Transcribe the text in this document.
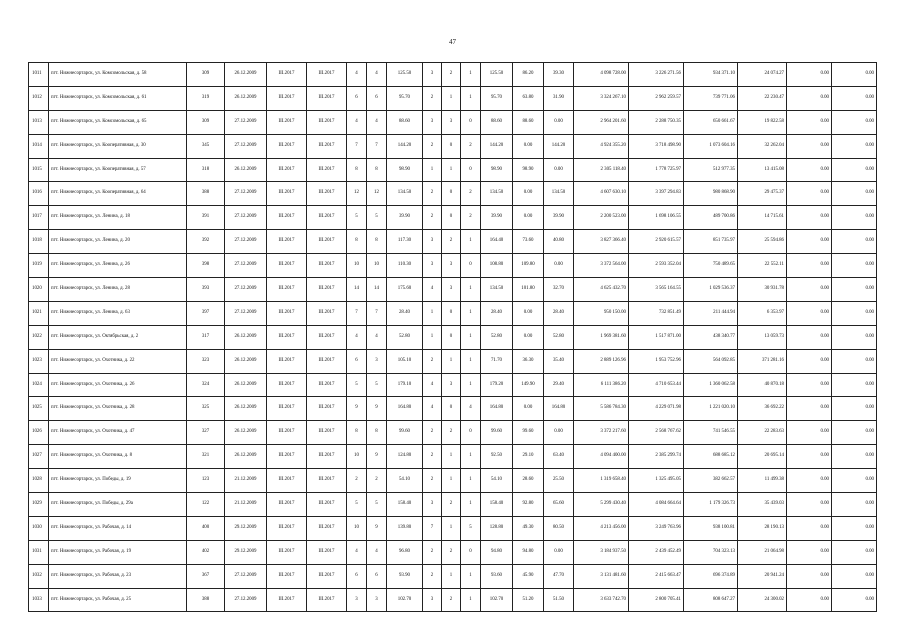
47
1011	пгт. Нижнесортарск, ул. Комсомольская, д. 58	309	26.12.2009	III.2017	III.2017	4	4	125.50	3	2	1	125.50	86.20	39.30	4 098 728.00	3 226 271.56	934 371.10	24 074.27	0.00	0.00
1012	пгт. Нижнесортарск, ул. Комсомольская, д. 61	319	26.12.2009	III.2017	III.2017	6	6	95.70	2	1	1	95.70	63.80	31.90	3 324 267.10	2 962 259.57	739 771.06	22 230.47	0.00	0.00
1013	пгт. Нижнесортарск, ул. Комсомольская, д. 65	309	27.12.2009	III.2017	III.2017	4	4	88.60	3	3	0	88.60	88.60	0.00	2 964 201.60	2 288 750.35	650 661.67	19 822.58	0.00	0.00
1014	пгт. Нижнесортарск, ул. Кооперативная, д. 30	345	27.12.2009	III.2017	III.2017	7	7	144.20	2	0	2	144.20	0.00	144.20	4 924 355.20	3 718 498.90	1 073 604.16	32 262.04	0.00	0.00
1015	пгт. Нижнесортарск, ул. Кооперативная, д. 57	318	26.12.2009	III.2017	III.2017	8	8	98.90	1	1	0	98.90	98.90	0.00	2 305 118.40	1 778 725.97	512 977.35	13 415.08	0.00	0.00
1016	пгт. Нижнесортарск, ул. Кооперативная, д. 64	388	27.12.2009	III.2017	III.2017	12	12	134.50	2	0	2	134.50	0.00	134.50	4 607 630.10	3 397 294.83	980 868.90	29 475.37	0.00	0.00
1017	пгт. Нижнесортарск, ул. Ленина, д. 18	391	27.12.2009	III.2017	III.2017	5	5	39.90	2	0	2	39.90	0.00	39.90	2 200 523.00	1 698 106.55	489 700.86	14 715.61	0.00	0.00
1018	пгт. Нижнесортарск, ул. Ленина, д. 20	392	27.12.2009	III.2017	III.2017	8	8	117.30	3	2	1	164.40	73.60	40.80	3 827 366.40	2 920 615.57	851 735.97	25 594.86	0.00	0.00
1019	пгт. Нижнесортарск, ул. Ленина, д. 26	398	27.12.2009	III.2017	III.2017	10	10	110.30	3	3	0	108.80	109.80	0.00	3 372 564.00	2 593 352.04	750 489.65	22 552.11	0.00	0.00
1020	пгт. Нижнесортарск, ул. Ленина, д. 28	393	27.12.2009	III.2017	III.2017	14	14	175.60	4	3	1	134.50	101.80	32.70	4 625 432.70	3 565 164.55	1 029 536.37	30 931.78	0.00	0.00
1021	пгт. Нижнесортарск, ул. Ленина, д. 63	397	27.12.2009	III.2017	III.2017	7	7	28.40	1	0	1	28.40	0.00	28.40	950 150.00	732 851.49	211 444.94	6 353.97	0.00	0.00
1022	пгт. Нижнесортарск, ул. Октябрьская, д. 2	317	26.12.2009	III.2017	III.2017	4	4	52.80	1	0	1	52.80	0.00	52.80	1 969 381.60	1 517 871.00	438 340.77	13 059.73	0.00	0.00
1023	пгт. Нижнесортарск, ул. Охотника, д. 22	323	26.12.2009	III.2017	III.2017	6	3	105.10	2	1	1	71.70	36.30	35.40	2 889 126.96	1 953 752.96	564 092.85	371 281.16	0.00	0.00
1024	пгт. Нижнесортарск, ул. Охотника, д. 26	324	26.12.2009	III.2017	III.2017	5	5	179.10	4	3	1	179.20	149.90	29.40	6 111 386.20	4 710 653.44	1 360 062.58	40 870.18	0.00	0.00
1025	пгт. Нижнесортарск, ул. Охотника, д. 28	325	26.12.2009	III.2017	III.2017	9	9	164.80	4	0	4	164.80	0.00	164.80	5 586 784.30	4 229 071.98	1 221 020.10	36 692.22	0.00	0.00
1026	пгт. Нижнесортарск, ул. Охотника, д. 47	327	26.12.2009	III.2017	III.2017	8	8	99.60	2	2	0	99.60	99.60	0.00	3 372 217.60	2 568 767.62	741 546.55	22 283.63	0.00	0.00
1027	пгт. Нижнесортарск, ул. Охотника, д. 8	321	26.12.2009	III.2017	III.2017	10	9	124.80	2	1	1	92.50	29.10	63.40	4 094 400.00	2 385 299.74	688 685.12	20 695.14	0.00	0.00
1028	пгт. Нижнесортарск, ул. Победы, д. 19	123	21.12.2009	III.2017	III.2017	2	2	54.10	2	1	1	54.10	28.60	25.50	1 319 658.40	1 325 495.05	382 662.57	11 499.38	0.00	0.00
1029	пгт. Нижнесортарск, ул. Победы, д. 29а	122	21.12.2009	III.2017	III.2017	5	5	158.40	3	2	1	158.40	92.80	65.60	5 299 430.40	4 084 664.64	1 179 326.73	35 439.03	0.00	0.00
1030	пгт. Нижнесортарск, ул. Рабочая, д. 14	400	29.12.2009	III.2017	III.2017	10	9	139.80	7	1	5	128.80	49.30	80.50	4 213 456.00	3 249 763.96	938 100.81	28 190.13	0.00	0.00
1031	пгт. Нижнесортарск, ул. Рабочая, д. 19	402	29.12.2009	III.2017	III.2017	4	4	96.80	2	2	0	94.80	94.80	0.00	3 184 937.50	2 439 452.49	704 323.13	21 064.98	0.00	0.00
1032	пгт. Нижнесортарск, ул. Рабочая, д. 23	367	27.12.2009	III.2017	III.2017	6	6	93.90	2	1	1	93.60	45.90	47.70	3 131 481.60	2 415 663.47	696 374.89	20 941.24	0.00	0.00
1033	пгт. Нижнесортарск, ул. Рабочая, д. 25	388	27.12.2009	III.2017	III.2017	3	3	102.70	3	2	1	102.70	51.20	51.50	3 633 742.70	2 800 705.41	808 647.27	24 300.02	0.00	0.00
